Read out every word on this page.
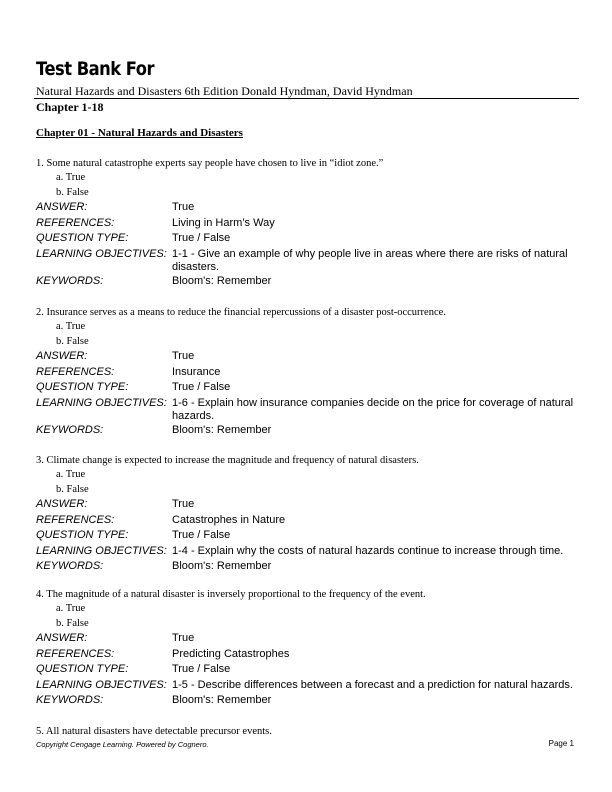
Test Bank For
Natural Hazards and Disasters 6th Edition Donald Hyndman, David Hyndman
Chapter 1-18
Chapter 01 - Natural Hazards and Disasters

1. Some natural catastrophe experts say people have chosen to live in “idiot zone.”

a. True

b. False

ANSWER:	True
REFERENCES:	Living in Harm’s Way
QUESTION TYPE:	True / False
LEARNING OBJECTIVES: 1-1 - Give an example of why people live in areas where there are risks of natural disasters.
KEYWORDS:	Bloom's: Remember

2. Insurance serves as a means to reduce the financial repercussions of a disaster post-occurrence.

a. True

b. False

ANSWER:	True
REFERENCES:	Insurance
QUESTION TYPE:	True / False
LEARNING OBJECTIVES: 1-6 - Explain how insurance companies decide on the price for coverage of natural hazards.
KEYWORDS:	Bloom's: Remember

3. Climate change is expected to increase the magnitude and frequency of natural disasters.

a. True

b. False

ANSWER:	True
REFERENCES:	Catastrophes in Nature
QUESTION TYPE:	True / False
LEARNING OBJECTIVES: 1-4 - Explain why the costs of natural hazards continue to increase through time.
KEYWORDS:	Bloom's: Remember

4. The magnitude of a natural disaster is inversely proportional to the frequency of the event.

a. True

b. False

ANSWER:	True
REFERENCES:	Predicting Catastrophes
QUESTION TYPE:	True / False
LEARNING OBJECTIVES: 1-5 - Describe differences between a forecast and a prediction for natural hazards.
KEYWORDS:	Bloom's: Remember

5. All natural disasters have detectable precursor events.

Copyright Cengage Learning. Powered by Cognero.	Page 1
